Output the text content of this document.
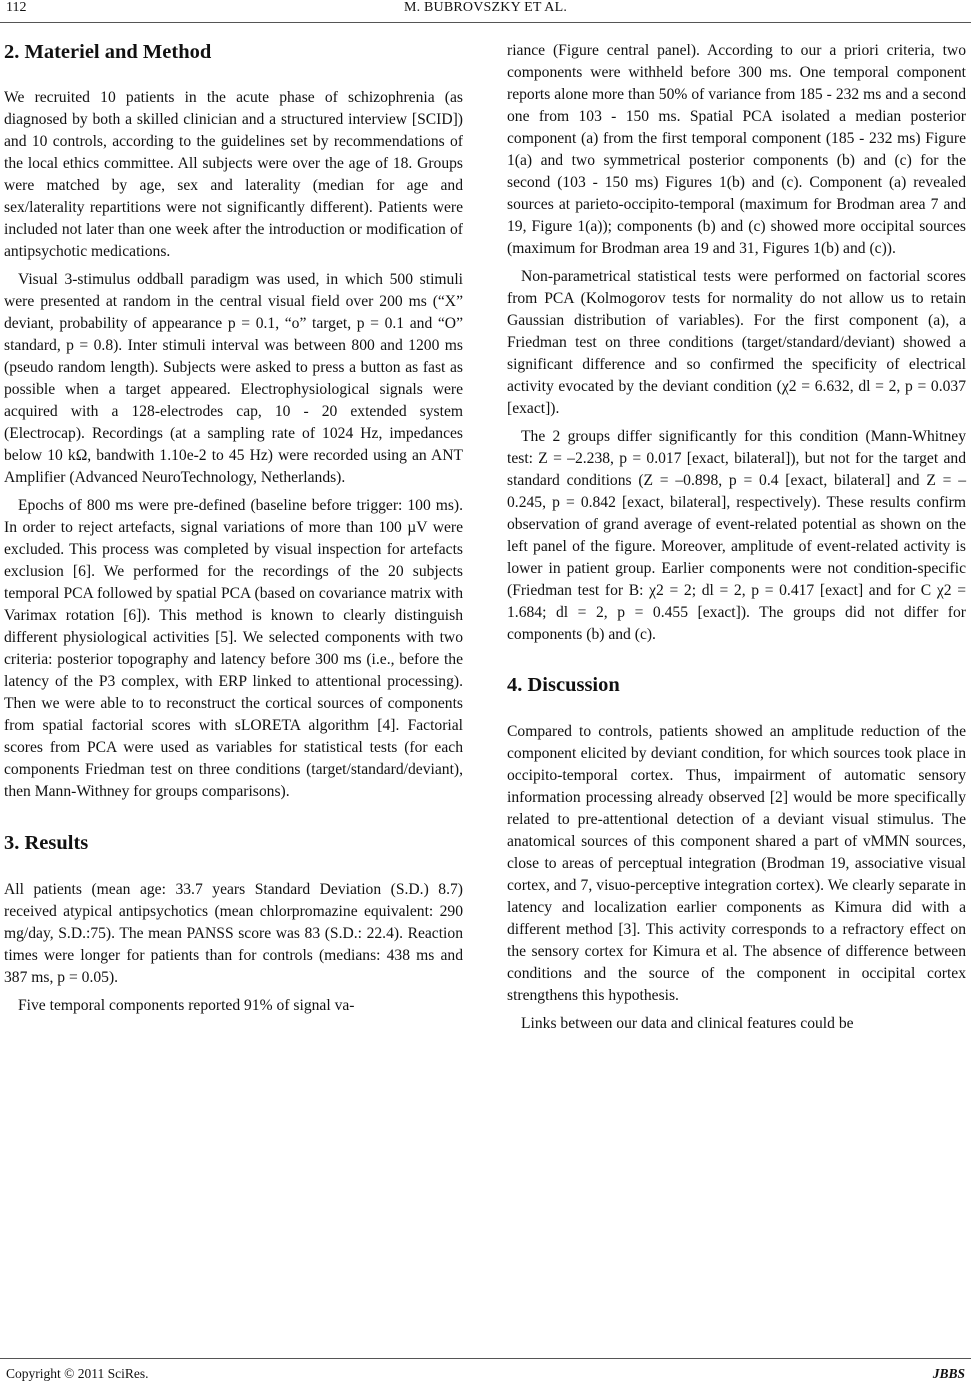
112	M. BUBROVSZKY ET AL.
2. Materiel and Method

We recruited 10 patients in the acute phase of schizophrenia (as diagnosed by both a skilled clinician and a structured interview [SCID]) and 10 controls, according to the guidelines set by recommendations of the local ethics committee. All subjects were over the age of 18. Groups were matched by age, sex and laterality (median for age and sex/laterality repartitions were not significantly different). Patients were included not later than one week after the introduction or modification of antipsychotic medications.

Visual 3-stimulus oddball paradigm was used, in which 500 stimuli were presented at random in the central visual field over 200 ms (“X” deviant, probability of appearance p = 0.1, “o” target, p = 0.1 and “O” standard, p = 0.8). Inter stimuli interval was between 800 and 1200 ms (pseudo random length). Subjects were asked to press a button as fast as possible when a target appeared. Electrophysiological signals were acquired with a 128-electrodes cap, 10 - 20 extended system (Electrocap). Recordings (at a sampling rate of 1024 Hz, impedances below 10 kΩ, bandwith 1.10e-2 to 45 Hz) were recorded using an ANT Amplifier (Advanced NeuroTechnology, Netherlands).

Epochs of 800 ms were pre-defined (baseline before trigger: 100 ms). In order to reject artefacts, signal variations of more than 100 µV were excluded. This process was completed by visual inspection for artefacts exclusion [6]. We performed for the recordings of the 20 subjects temporal PCA followed by spatial PCA (based on covariance matrix with Varimax rotation [6]). This method is known to clearly distinguish different physiological activities [5]. We selected components with two criteria: posterior topography and latency before 300 ms (i.e., before the latency of the P3 complex, with ERP linked to attentional processing). Then we were able to to reconstruct the cortical sources of components from spatial factorial scores with sLORETA algorithm [4]. Factorial scores from PCA were used as variables for statistical tests (for each components Friedman test on three conditions (target/standard/deviant), then Mann-Withney for groups comparisons).

3. Results

All patients (mean age: 33.7 years Standard Deviation (S.D.) 8.7) received atypical antipsychotics (mean chlorpromazine equivalent: 290 mg/day, S.D.:75). The mean PANSS score was 83 (S.D.: 22.4). Reaction times were longer for patients than for controls (medians: 438 ms and 387 ms, p = 0.05).

Five temporal components reported 91% of signal va-

riance (Figure central panel). According to our a priori criteria, two components were withheld before 300 ms. One temporal component reports alone more than 50% of variance from 185 - 232 ms and a second one from 103 - 150 ms. Spatial PCA isolated a median posterior component (a) from the first temporal component (185 - 232 ms) Figure 1(a) and two symmetrical posterior components (b) and (c) for the second (103 - 150 ms) Figures 1(b) and (c). Component (a) revealed sources at parieto-occipito-temporal (maximum for Brodman area 7 and 19, Figure 1(a)); components (b) and (c) showed more occipital sources (maximum for Brodman area 19 and 31, Figures 1(b) and (c)).

Non-parametrical statistical tests were performed on factorial scores from PCA (Kolmogorov tests for normality do not allow us to retain Gaussian distribution of variables). For the first component (a), a Friedman test on three conditions (target/standard/deviant) showed a significant difference and so confirmed the specificity of electrical activity evocated by the deviant condition (χ2 = 6.632, dl = 2, p = 0.037 [exact]).

The 2 groups differ significantly for this condition (Mann-Whitney test: Z = –2.238, p = 0.017 [exact, bilateral]), but not for the target and standard conditions (Z = –0.898, p = 0.4 [exact, bilateral] and Z = –0.245, p = 0.842 [exact, bilateral], respectively). These results confirm observation of grand average of event-related potential as shown on the left panel of the figure. Moreover, amplitude of event-related activity is lower in patient group. Earlier components were not condition-specific (Friedman test for B: χ2 = 2; dl = 2, p = 0.417 [exact] and for C χ2 = 1.684; dl = 2, p = 0.455 [exact]). The groups did not differ for components (b) and (c).

4. Discussion

Compared to controls, patients showed an amplitude reduction of the component elicited by deviant condition, for which sources took place in occipito-temporal cortex. Thus, impairment of automatic sensory information processing already observed [2] would be more specifically related to pre-attentional detection of a deviant visual stimulus. The anatomical sources of this component shared a part of vMMN sources, close to areas of perceptual integration (Brodman 19, associative visual cortex, and 7, visuo-perceptive integration cortex). We clearly separate in latency and localization earlier components as Kimura did with a different method [3]. This activity corresponds to a refractory effect on the sensory cortex for Kimura et al. The absence of difference between conditions and the source of the component in occipital cortex strengthens this hypothesis.

Links between our data and clinical features could be

Copyright © 2011 SciRes.	JBBS
